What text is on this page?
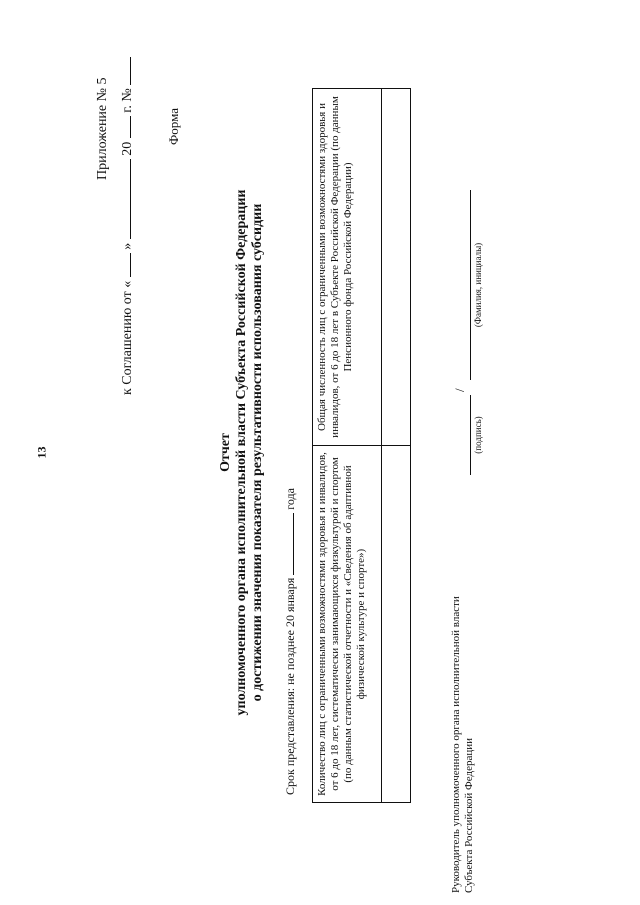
13
Приложение № 5
к Соглашению от «  »  20  г. №
Форма
Отчет уполномоченного органа исполнительной власти Субъекта Российской Федерации о достижении значения показателя результативности использования субсидии Срок представления: не позднее 20 января  года Количество лиц с ограниченными возможностями здоровья и инвалидов, от 6 до 18 лет, систематически занимающихся физкультурой и спортом (по данным статистической отчетности и «Сведения об адаптивной физической культуре и спорте»)	Общая численность лиц с ограниченными возможностями здоровья и инвалидов, от 6 до 18 лет в Субъекте Российской Федерации (по данным Пенсионного фонда Российской Федерации)

Руководитель уполномоченного органа исполнительной власти Субъекта Российской Федерации
(подпись)
/
(Фамилия, инициалы)
